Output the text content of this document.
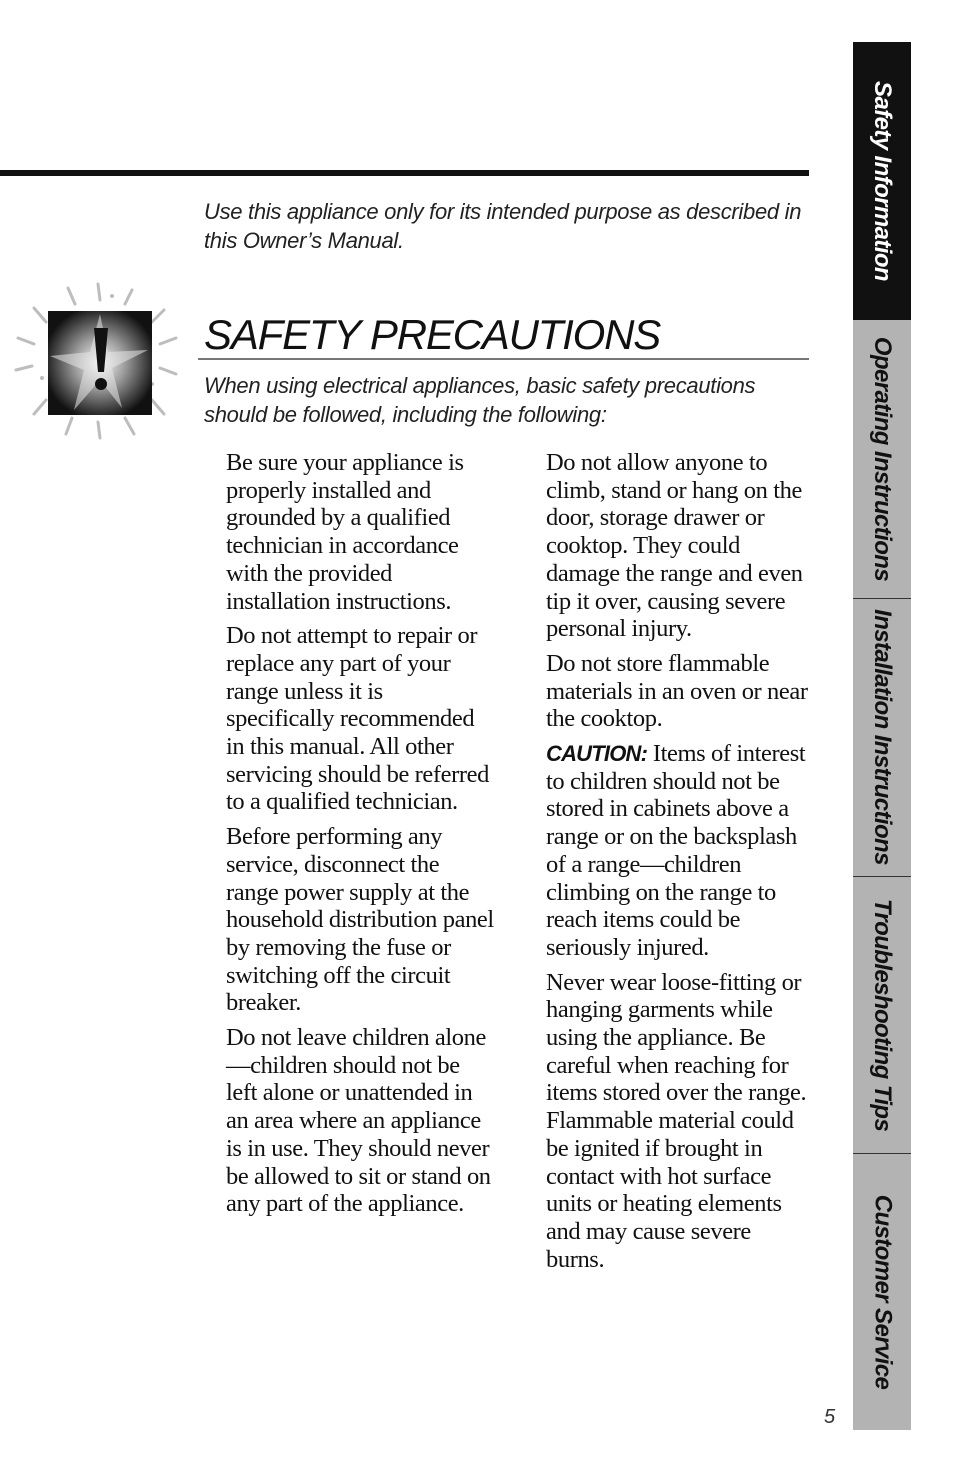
Use this appliance only for its intended purpose as described in this Owner’s Manual.
SAFETY PRECAUTIONS
When using electrical appliances, basic safety precautions should be followed, including the following:

Be sure your appliance is properly installed and grounded by a qualified technician in accordance with the provided installation instructions.

Do not attempt to repair or replace any part of your range unless it is specifically recommended in this manual. All other servicing should be referred to a qualified technician.

Before performing any service, disconnect the range power supply at the household distribution panel by removing the fuse or switching off the circuit breaker.

Do not leave children alone—children should not be left alone or unattended in an area where an appliance is in use. They should never be allowed to sit or stand on any part of the appliance.

Do not allow anyone to climb, stand or hang on the door, storage drawer or cooktop. They could damage the range and even tip it over, causing severe personal injury.

Do not store flammable materials in an oven or near the cooktop.

CAUTION: Items of interest to children should not be stored in cabinets above a range or on the backsplash of a range—children climbing on the range to reach items could be seriously injured.

Never wear loose-fitting or hanging garments while using the appliance. Be careful when reaching for items stored over the range. Flammable material could be ignited if brought in contact with hot surface units or heating elements and may cause severe burns.

5
Safety Information
Operating Instructions
Installation Instructions
Troubleshooting Tips
Customer Service
